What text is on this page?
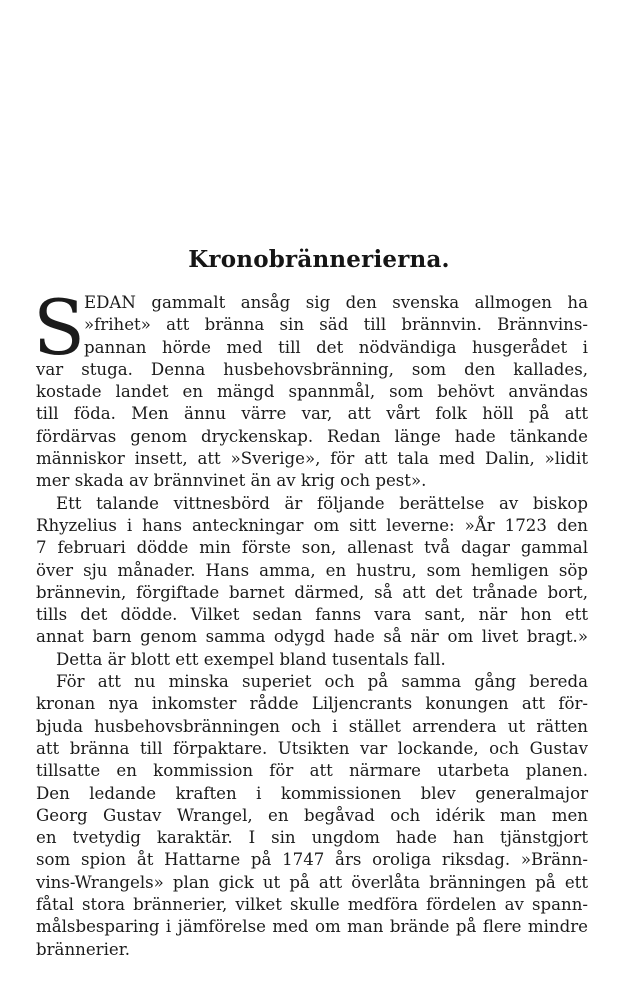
Kronobrännerierna.
S
EDAN gammalt ansåg sig den svenska allmogen ha
»frihet» att bränna sin säd till brännvin. Brännvins-
pannan hörde med till det nödvändiga husgerådet i
var stuga. Denna husbehovsbränning, som den kallades,
kostade landet en mängd spannmål, som behövt användas
till föda. Men ännu värre var, att vårt folk höll på att
fördärvas genom dryckenskap. Redan länge hade tänkande
människor insett, att »Sverige», för att tala med Dalin, »lidit
mer skada av brännvinet än av krig och pest».
Ett talande vittnesbörd är följande berättelse av biskop
Rhyzelius i hans anteckningar om sitt leverne: »År 1723 den
7 februari dödde min förste son, allenast två dagar gammal
över sju månader. Hans amma, en hustru, som hemligen söp
brännevin, förgiftade barnet därmed, så att det trånade bort,
tills det dödde. Vilket sedan fanns vara sant, när hon ett
annat barn genom samma odygd hade så när om livet bragt.»
Detta är blott ett exempel bland tusentals fall.
För att nu minska superiet och på samma gång bereda
kronan nya inkomster rådde Liljencrants konungen att för-
bjuda husbehovsbränningen och i stället arrendera ut rätten
att bränna till förpaktare. Utsikten var lockande, och Gustav
tillsatte en kommission för att närmare utarbeta planen.
Den ledande kraften i kommissionen blev generalmajor
Georg Gustav Wrangel, en begåvad och idérik man men
en tvetydig karaktär. I sin ungdom hade han tjänstgjort
som spion åt Hattarne på 1747 års oroliga riksdag. »Bränn-
vins-Wrangels» plan gick ut på att överlåta bränningen på ett
fåtal stora brännerier, vilket skulle medföra fördelen av spann-
målsbesparing i jämförelse med om man brände på flere mindre
brännerier.
